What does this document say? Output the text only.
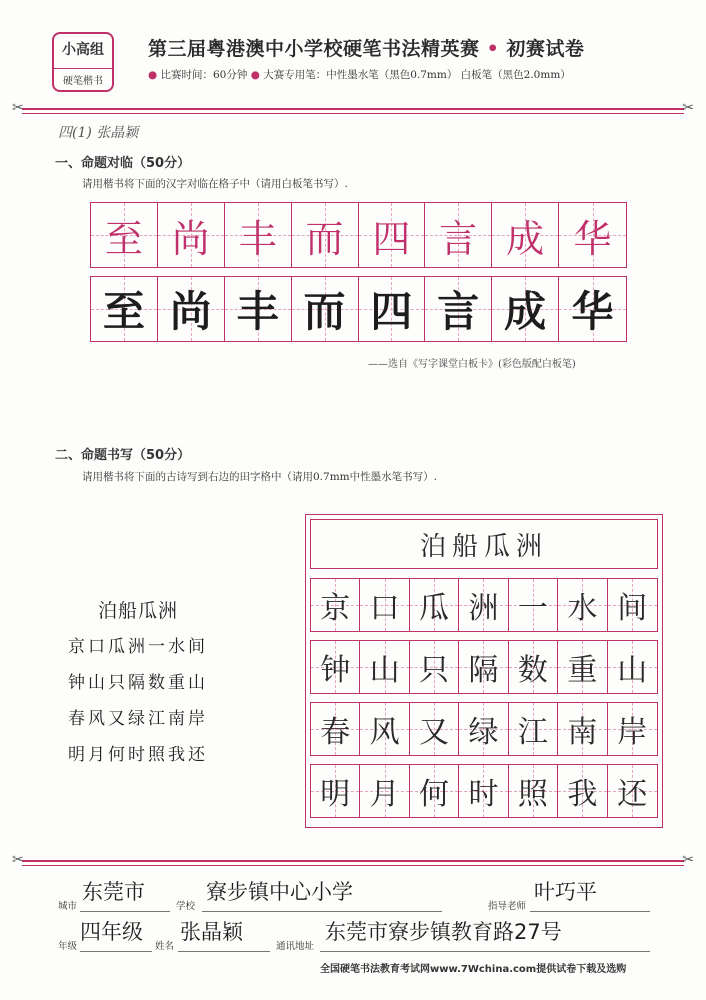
小高组
硬笔楷书
第三届粤港澳中小学校硬笔书法精英赛 • 初赛试卷
● 比赛时间：60分钟 ● 大赛专用笔：中性墨水笔（黑色0.7mm） 白板笔（黑色2.0mm）
✂	✂
四(1) 张晶颖
一、命题对临（50分）
请用楷书将下面的汉字对临在格子中（请用白板笔书写）.
至 尚 丰 而 四 言 成 华
至 尚 丰 而 四 言 成 华
——选自《写字课堂白板卡》(彩色版配白板笔)
二、命题书写（50分）
请用楷书将下面的古诗写到右边的田字格中（请用0.7mm中性墨水笔书写）.
泊船瓜洲
京口瓜洲一水间
钟山只隔数重山
春风又绿江南岸
明月何时照我还
泊船瓜洲
京 口 瓜 洲 一 水 间
钟 山 只 隔 数 重 山
春 风 又 绿 江 南 岸
明 月 何 时 照 我 还
✂	✂
城市
东莞市
学校
寮步镇中心小学
指导老师
叶巧平
年级
四年级
姓名
张晶颖
通讯地址
东莞市寮步镇教育路27号
全国硬笔书法教育考试网www.7Wchina.com提供试卷下载及选购
